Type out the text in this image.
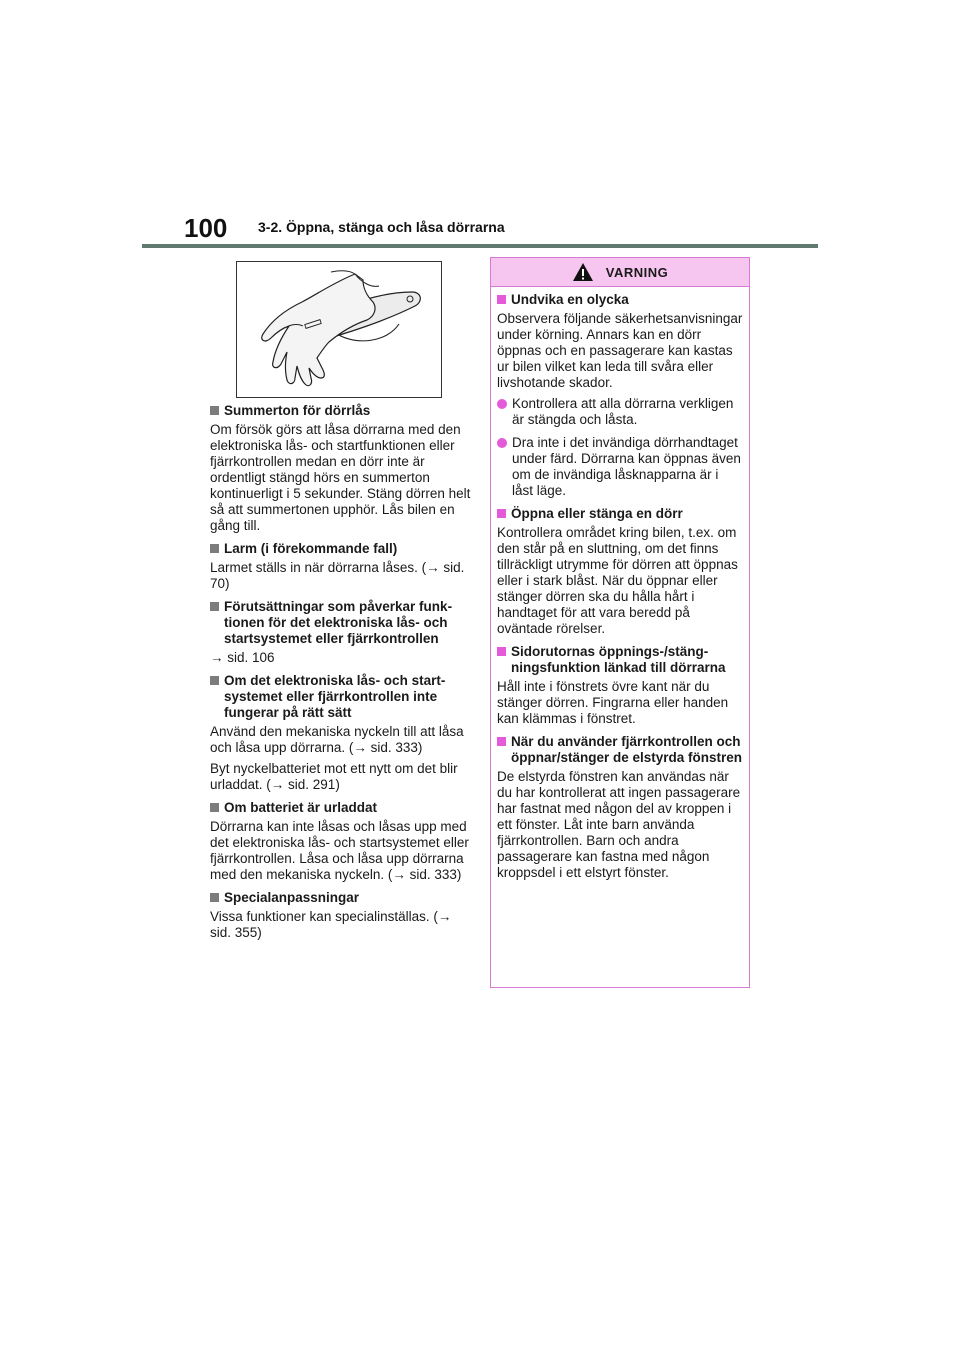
100 3-2. Öppna, stänga och låsa dörrarna
Summerton för dörrlås

Om försök görs att låsa dörrarna med den elektroniska lås- och startfunktionen eller fjärrkontrollen medan en dörr inte är ordentligt stängd hörs en summerton kontinuerligt i 5 sekunder. Stäng dörren helt så att summertonen upphör. Lås bilen en gång till.

Larm (i förekommande fall)

Larmet ställs in när dörrarna låses. (→ sid. 70)

Förutsättningar som påverkar funktionen för det elektroniska lås- och startsystemet eller fjärrkontrollen

→ sid. 106

Om det elektroniska lås- och startsystemet eller fjärrkontrollen inte fungerar på rätt sätt

Använd den mekaniska nyckeln till att låsa och låsa upp dörrarna. (→ sid. 333)

Byt nyckelbatteriet mot ett nytt om det blir urladdat. (→ sid. 291)

Om batteriet är urladdat

Dörrarna kan inte låsas och låsas upp med det elektroniska lås- och startsystemet eller fjärrkontrollen. Låsa och låsa upp dörrarna med den mekaniska nyckeln. (→ sid. 333)

Specialanpassningar

Vissa funktioner kan specialinställas. (→ sid. 355)

VARNING
Undvika en olycka

Observera följande säkerhetsanvisningar under körning. Annars kan en dörr öppnas och en passagerare kan kastas ur bilen vilket kan leda till svåra eller livshotande skador.

Kontrollera att alla dörrarna verkligen är stängda och låsta.
Dra inte i det invändiga dörrhandtaget under färd. Dörrarna kan öppnas även om de invändiga låsknapparna är i låst läge.
Öppna eller stänga en dörr

Kontrollera området kring bilen, t.ex. om den står på en sluttning, om det finns tillräckligt utrymme för dörren att öppnas eller i stark blåst. När du öppnar eller stänger dörren ska du hålla hårt i handtaget för att vara beredd på oväntade rörelser.

Sidorutornas öppnings-/stängningsfunktion länkad till dörrarna

Håll inte i fönstrets övre kant när du stänger dörren. Fingrarna eller handen kan klämmas i fönstret.

När du använder fjärrkontrollen och öppnar/stänger de elstyrda fönstren

De elstyrda fönstren kan användas när du har kontrollerat att ingen passagerare har fastnat med någon del av kroppen i ett fönster. Låt inte barn använda fjärrkontrollen. Barn och andra passagerare kan fastna med någon kroppsdel i ett elstyrt fönster.
